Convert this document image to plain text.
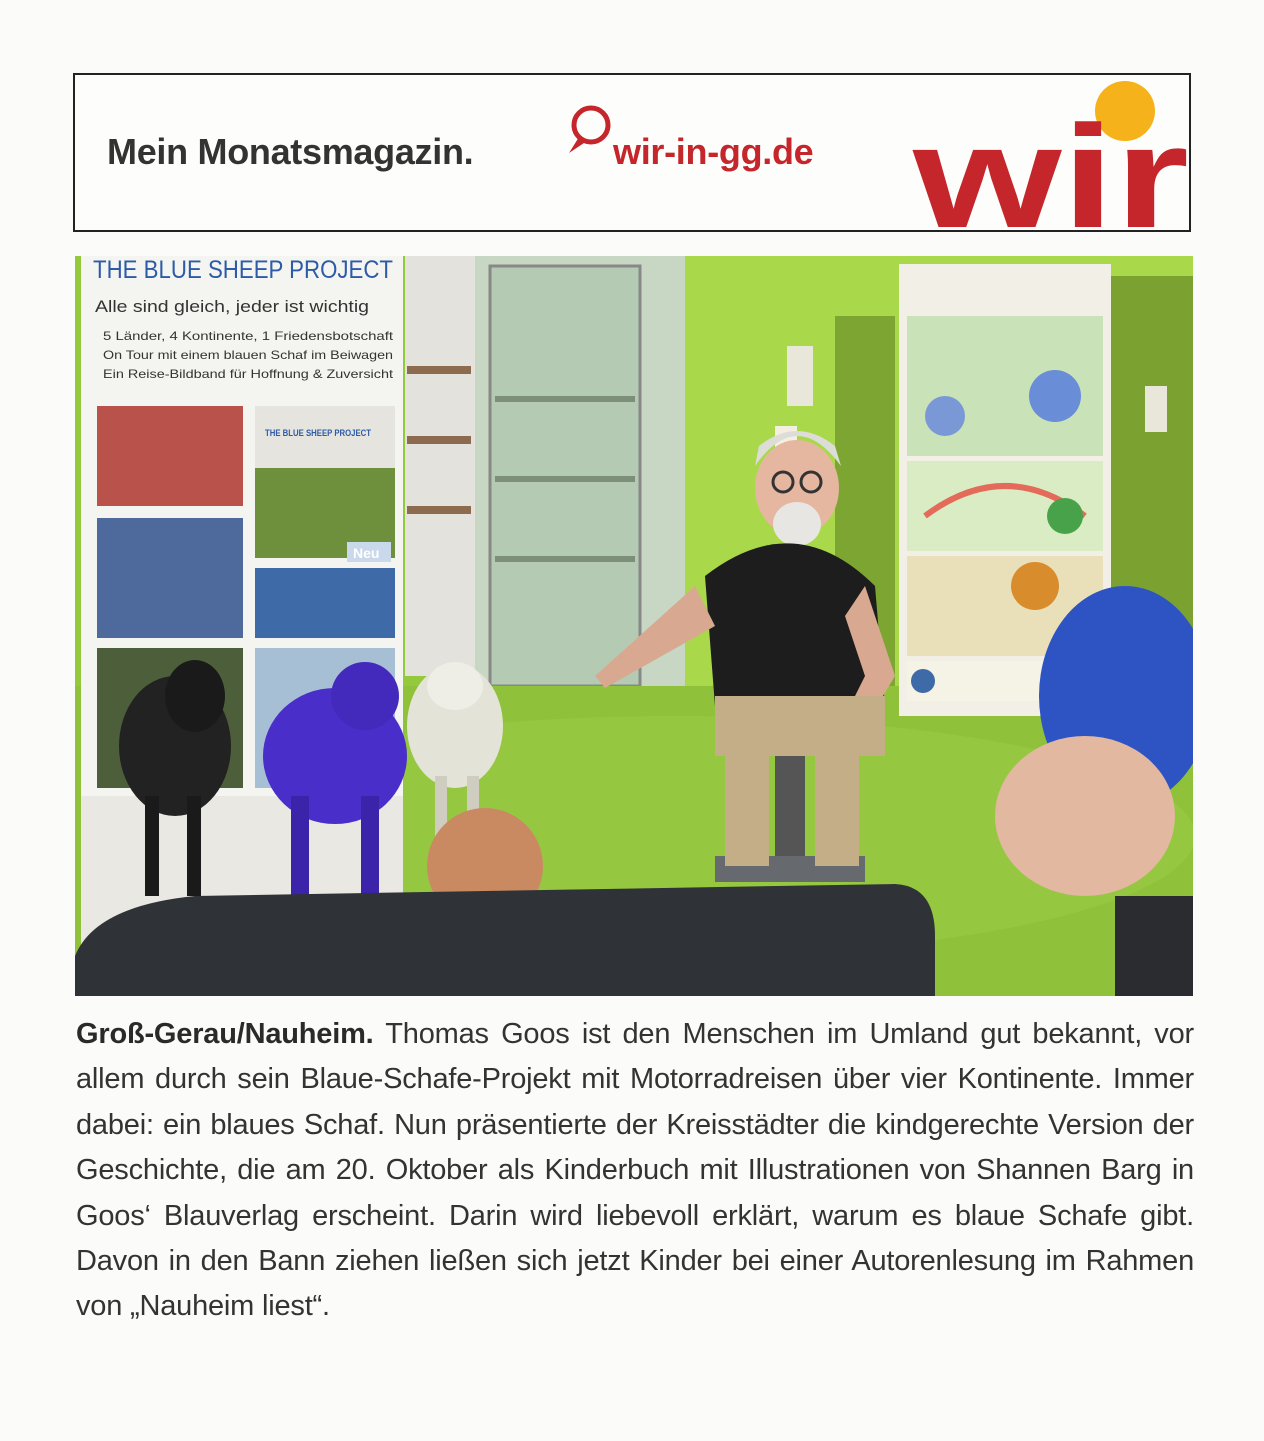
Mein Monatsmagazin.	wir-in-gg.de wir
THE BLUE SHEEP PROJECT
Alle sind gleich, jeder ist wichtig
5 Länder, 4 Kontinente, 1 Friedensbotschaft
On Tour mit einem blauen Schaf im Beiwagen
Ein Reise-Bildband für Hoffnung & Zuversicht
THE BLUE SHEEP PROJECT
Neu
Groß-Gerau/Nauheim. Thomas Goos ist den Menschen im Umland gut bekannt, vor allem durch sein Blaue-Schafe-Projekt mit Motorradreisen über vier Kontinente. Immer dabei: ein blaues Schaf. Nun präsentierte der Kreisstädter die kindgerechte Version der Geschichte, die am 20. Oktober als Kinderbuch mit Illustrationen von Shannen Barg in Goos‘ Blauverlag erscheint. Darin wird liebevoll erklärt, warum es blaue Schafe gibt. Davon in den Bann ziehen ließen sich jetzt Kinder bei einer Autorenlesung im Rahmen von „Nauheim liest“.
